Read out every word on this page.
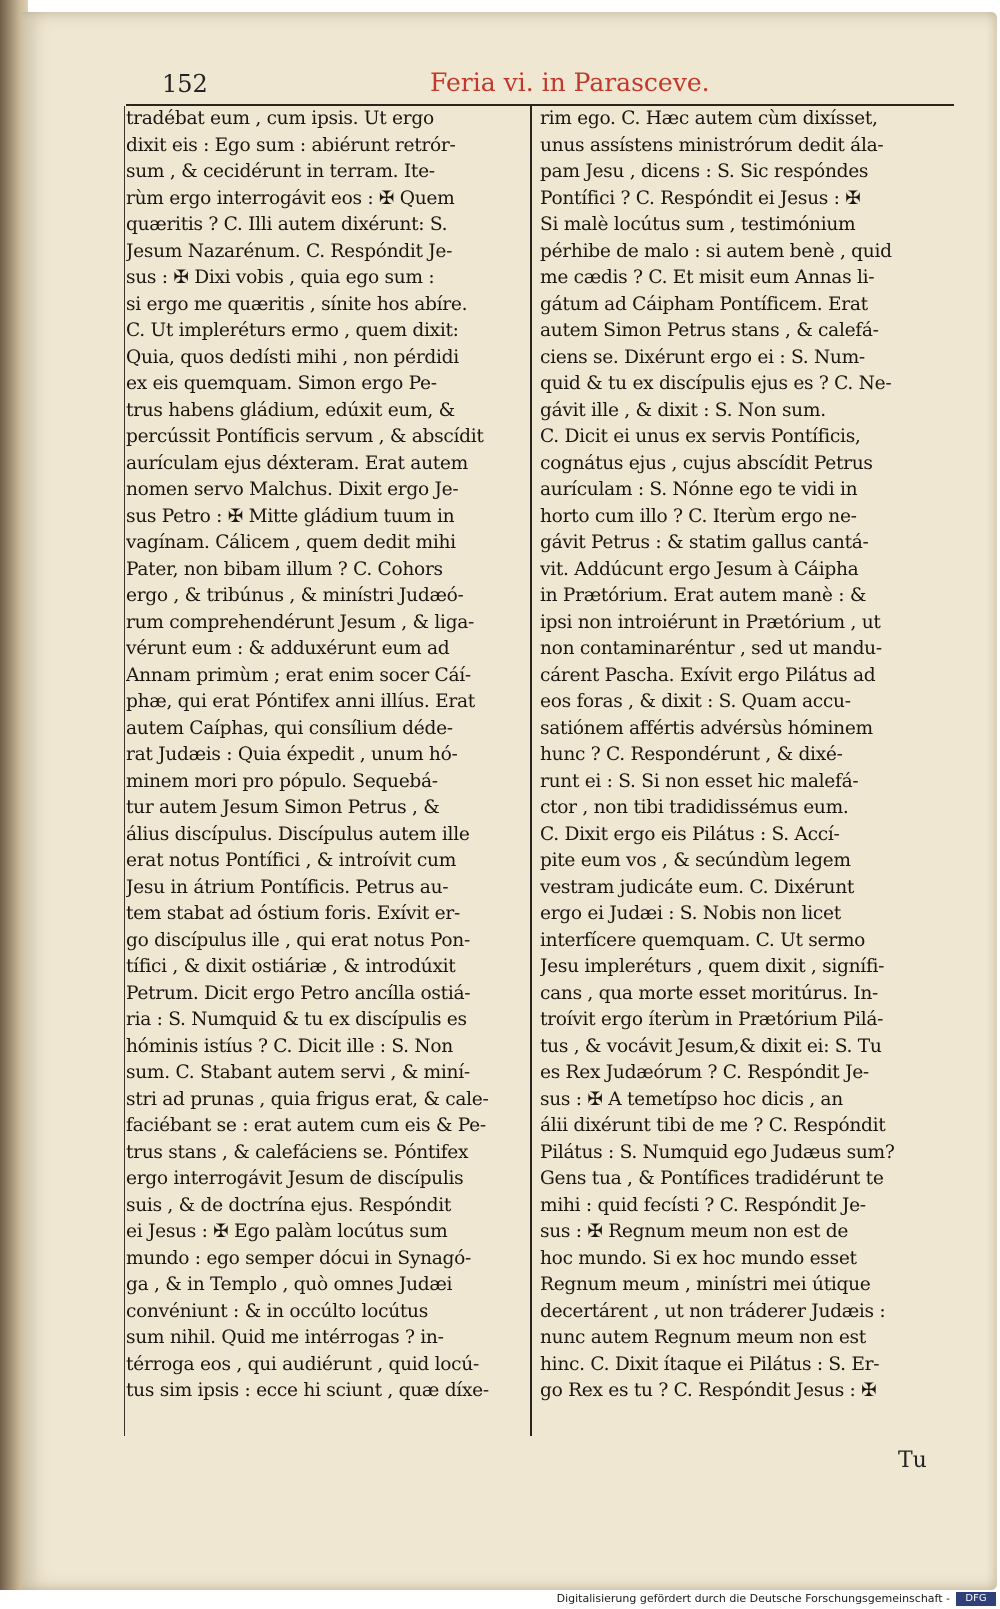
152	Feria vi. in Parasceve.
tradébat eum , cum ipsis. Ut ergo
dixit eis : Ego sum : abiérunt retrór-
sum , & cecidérunt in terram. Ite-
rùm ergo interrogávit eos : ✠ Quem
quæritis ? C. Illi autem dixérunt: S.
Jesum Nazarénum. C. Respóndit Je-
sus : ✠ Dixi vobis , quia ego sum :
si ergo me quæritis , sínite hos abíre.
C. Ut impleréturs ermo , quem dixit:
Quia, quos dedísti mihi , non pérdidi
ex eis quemquam. Simon ergo Pe-
trus habens gládium, edúxit eum, &
percússit Pontíficis servum , & abscídit
aurículam ejus déxteram. Erat autem
nomen servo Malchus. Dixit ergo Je-
sus Petro : ✠ Mitte gládium tuum in
vagínam. Cálicem , quem dedit mihi
Pater, non bibam illum ? C. Cohors
ergo , & tribúnus , & minístri Judæó-
rum comprehendérunt Jesum , & liga-
vérunt eum : & adduxérunt eum ad
Annam primùm ; erat enim socer Cáí-
phæ, qui erat Póntifex anni illíus. Erat
autem Caíphas, qui consílium déde-
rat Judæis : Quia éxpedit , unum hó-
minem mori pro pópulo. Sequebá-
tur autem Jesum Simon Petrus , &
álius discípulus. Discípulus autem ille
erat notus Pontífici , & introívit cum
Jesu in átrium Pontíficis. Petrus au-
tem stabat ad óstium foris. Exívit er-
go discípulus ille , qui erat notus Pon-
tífici , & dixit ostiáriæ , & introdúxit
Petrum. Dicit ergo Petro ancílla ostiá-
ria : S. Numquid & tu ex discípulis es
hóminis istíus ? C. Dicit ille : S. Non
sum. C. Stabant autem servi , & miní-
stri ad prunas , quia frigus erat, & cale-
faciébant se : erat autem cum eis & Pe-
trus stans , & calefáciens se. Póntifex
ergo interrogávit Jesum de discípulis
suis , & de doctrína ejus. Respóndit
ei Jesus : ✠ Ego palàm locútus sum
mundo : ego semper dócui in Synagó-
ga , & in Templo , quò omnes Judæi
convéniunt : & in occúlto locútus
sum nihil. Quid me intérrogas ? in-
térroga eos , qui audiérunt , quid locú-
tus sim ipsis : ecce hi sciunt , quæ díxe-
rim ego. C. Hæc autem cùm dixísset,
unus assístens ministrórum dedit ála-
pam Jesu , dicens : S. Sic respóndes
Pontífici ? C. Respóndit ei Jesus : ✠
Si malè locútus sum , testimónium
pérhibe de malo : si autem benè , quid
me cædis ? C. Et misit eum Annas li-
gátum ad Cáipham Pontíficem. Erat
autem Simon Petrus stans , & calefá-
ciens se. Dixérunt ergo ei : S. Num-
quid & tu ex discípulis ejus es ? C. Ne-
gávit ille , & dixit : S. Non sum.
C. Dicit ei unus ex servis Pontíficis,
cognátus ejus , cujus abscídit Petrus
aurículam : S. Nónne ego te vidi in
horto cum illo ? C. Iterùm ergo ne-
gávit Petrus : & statim gallus cantá-
vit. Addúcunt ergo Jesum à Cáipha
in Prætórium. Erat autem manè : &
ipsi non introiérunt in Prætórium , ut
non contaminaréntur , sed ut mandu-
cárent Pascha. Exívit ergo Pilátus ad
eos foras , & dixit : S. Quam accu-
satiónem affértis advérsùs hóminem
hunc ? C. Respondérunt , & dixé-
runt ei : S. Si non esset hic malefá-
ctor , non tibi tradidissémus eum.
C. Dixit ergo eis Pilátus : S. Accí-
pite eum vos , & secúndùm legem
vestram judicáte eum. C. Dixérunt
ergo ei Judæi : S. Nobis non licet
interfícere quemquam. C. Ut sermo
Jesu impleréturs , quem dixit , signífi-
cans , qua morte esset moritúrus. In-
troívit ergo íterùm in Prætórium Pilá-
tus , & vocávit Jesum,& dixit ei: S. Tu
es Rex Judæórum ? C. Respóndit Je-
sus : ✠ A temetípso hoc dicis , an
álii dixérunt tibi de me ? C. Respóndit
Pilátus : S. Numquid ego Judæus sum?
Gens tua , & Pontífices tradidérunt te
mihi : quid fecísti ? C. Respóndit Je-
sus : ✠ Regnum meum non est de
hoc mundo. Si ex hoc mundo esset
Regnum meum , minístri mei útique
decertárent , ut non tráderer Judæis :
nunc autem Regnum meum non est
hinc. C. Dixit ítaque ei Pilátus : S. Er-
go Rex es tu ? C. Respóndit Jesus : ✠
Tu
Digitalisierung gefördert durch die Deutsche Forschungsgemeinschaft -	DFG
